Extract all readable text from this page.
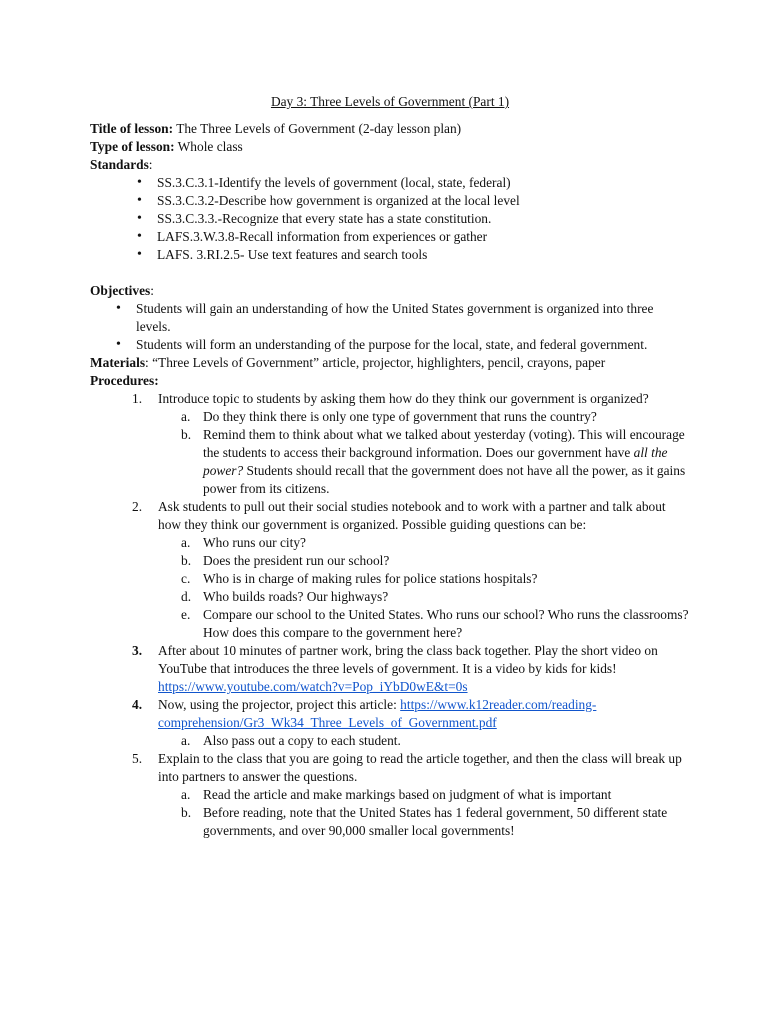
Day 3: Three Levels of Government (Part 1)

Title of lesson: The Three Levels of Government (2-day lesson plan)

Type of lesson: Whole class

Standards:

• SS.3.C.3.1-Identify the levels of government (local, state, federal)
• SS.3.C.3.2-Describe how government is organized at the local level
• SS.3.C.3.3.-Recognize that every state has a state constitution.
• LAFS.3.W.3.8-Recall information from experiences or gather
• LAFS. 3.RI.2.5- Use text features and search tools

Objectives:

• Students will gain an understanding of how the United States government is organized into three levels.
• Students will form an understanding of the purpose for the local, state, and federal government.

Materials: “Three Levels of Government” article, projector, highlighters, pencil, crayons, paper

Procedures:

1. Introduce topic to students by asking them how do they think our government is organized?
a. Do they think there is only one type of government that runs the country?
b. Remind them to think about what we talked about yesterday (voting). This will encourage the students to access their background information. Does our government have all the power? Students should recall that the government does not have all the power, as it gains power from its citizens.
2. Ask students to pull out their social studies notebook and to work with a partner and talk about how they think our government is organized. Possible guiding questions can be:
a. Who runs our city?
b. Does the president run our school?
c. Who is in charge of making rules for police stations hospitals?
d. Who builds roads? Our highways?
e. Compare our school to the United States. Who runs our school? Who runs the classrooms? How does this compare to the government here?
3. After about 10 minutes of partner work, bring the class back together. Play the short video on YouTube that introduces the three levels of government. It is a video by kids for kids! https://www.youtube.com/watch?v=Pop_iYbD0wE&t=0s
4. Now, using the projector, project this article: https://www.k12reader.com/reading-comprehension/Gr3_Wk34_Three_Levels_of_Government.pdf
a. Also pass out a copy to each student.
5. Explain to the class that you are going to read the article together, and then the class will break up into partners to answer the questions.
a. Read the article and make markings based on judgment of what is important
b. Before reading, note that the United States has 1 federal government, 50 different state governments, and over 90,000 smaller local governments!
